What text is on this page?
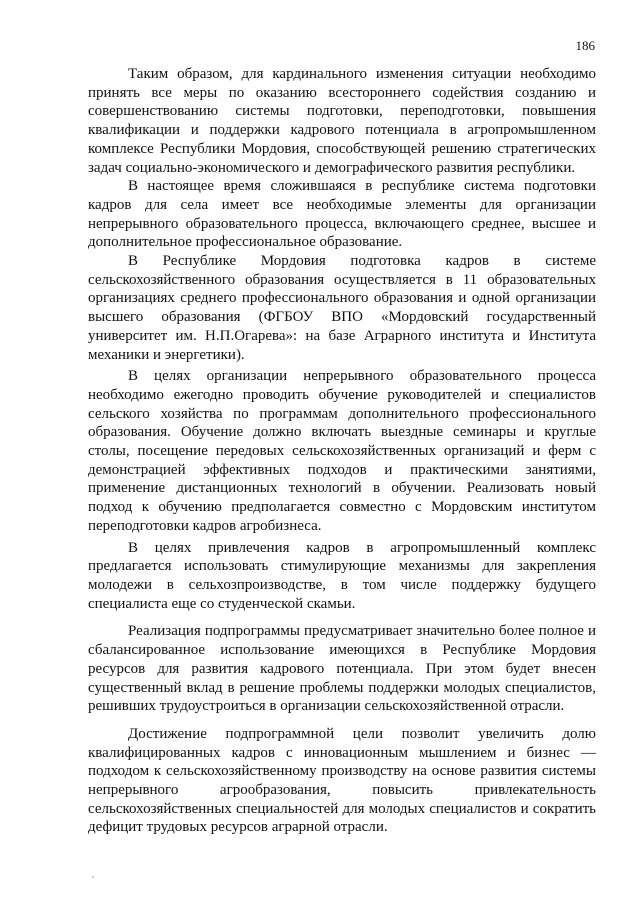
186

Таким образом, для кардинального изменения ситуации необходимо принять все меры по оказанию всестороннего содействия созданию и совершенствованию системы подготовки, переподготовки, повышения квалификации и поддержки кадрового потенциала в агропромышленном комплексе Республики Мордовия, способствующей решению стратегических задач социально-экономического и демографического развития республики.

В настоящее время сложившаяся в республике система подготовки кадров для села имеет все необходимые элементы для организации непрерывного образовательного процесса, включающего среднее, высшее и дополнительное профессиональное образование.

В Республике Мордовия подготовка кадров в системе сельскохозяйственного образования осуществляется в 11 образовательных организациях среднего профессионального образования и одной организации высшего образования (ФГБОУ ВПО «Мордовский государственный университет им. Н.П.Огарева»: на базе Аграрного института и Института механики и энергетики).

В целях организации непрерывного образовательного процесса необходимо ежегодно проводить обучение руководителей и специалистов сельского хозяйства по программам дополнительного профессионального образования. Обучение должно включать выездные семинары и круглые столы, посещение передовых сельскохозяйственных организаций и ферм с демонстрацией эффективных подходов и практическими занятиями, применение дистанционных технологий в обучении. Реализовать новый подход к обучению предполагается совместно с Мордовским институтом переподготовки кадров агробизнеса.

В целях привлечения кадров в агропромышленный комплекс предлагается использовать стимулирующие механизмы для закрепления молодежи в сельхозпроизводстве, в том числе поддержку будущего специалиста еще со студенческой скамьи.

Реализация подпрограммы предусматривает значительно более полное и сбалансированное использование имеющихся в Республике Мордовия ресурсов для развития кадрового потенциала. При этом будет внесен существенный вклад в решение проблемы поддержки молодых специалистов, решивших трудоустроиться в организации сельскохозяйственной отрасли.

Достижение подпрограммной цели позволит увеличить долю квалифицированных кадров с инновационным мышлением и бизнес — подходом к сельскохозяйственному производству на основе развития системы непрерывного агрообразования, повысить привлекательность сельскохозяйственных специальностей для молодых специалистов и сократить дефицит трудовых ресурсов аграрной отрасли.
